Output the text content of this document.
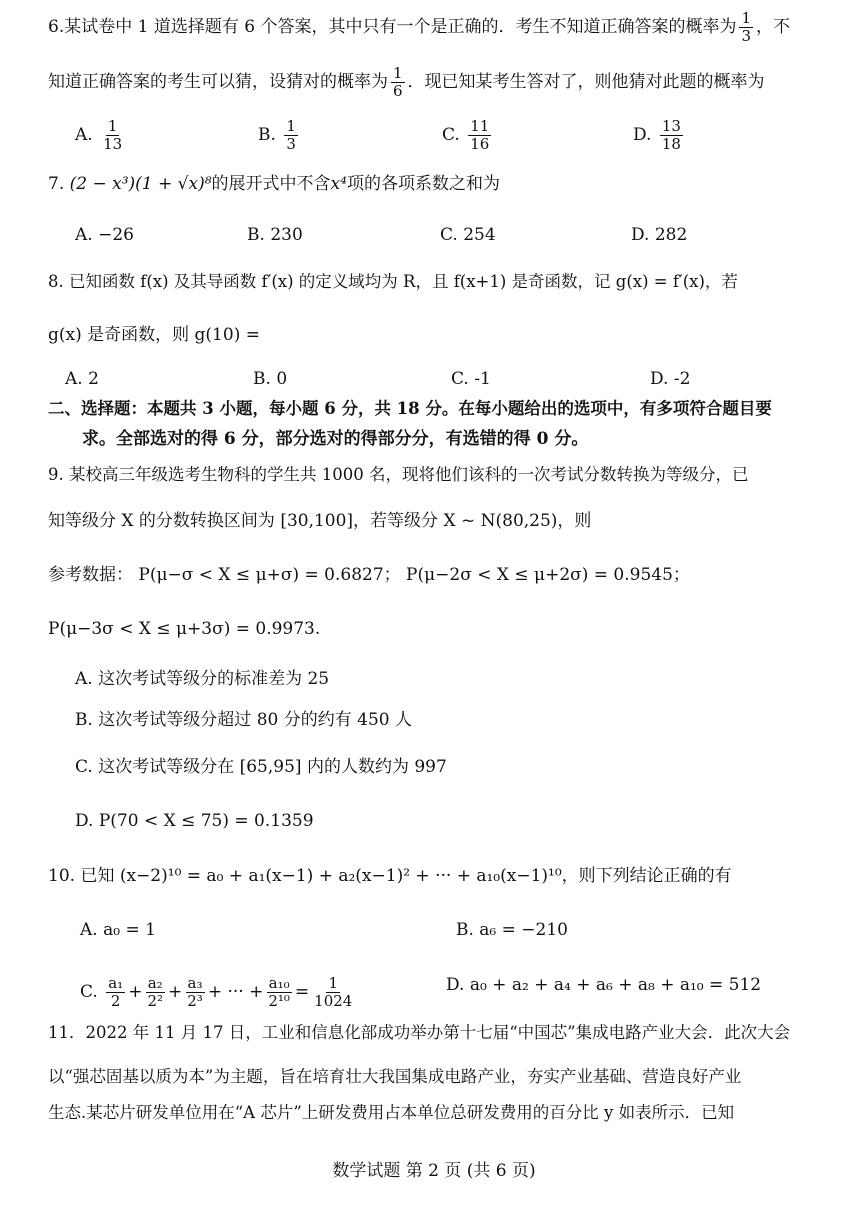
6.某试卷中 1 道选择题有 6 个答案，其中只有一个是正确的．考生不知道正确答案的概率为 $\frac{1}{3}$ ，不
知道正确答案的考生可以猜，设猜对的概率为 $\frac{1}{6}$ ．现已知某考生答对了，则他猜对此题的概率为
A. $\frac{1}{13}$	B. $\frac{1}{3}$	C. $\frac{11}{16}$	D. $\frac{13}{18}$
7. (2 − x³)(1 + √x)⁸的展开式中不含x⁴项的各项系数之和为
A. −26	B. 230	C. 254	D. 282
8. 已知函数 f(x) 及其导函数 f′(x) 的定义域均为 R，且 f(x+1) 是奇函数，记 g(x) = f′(x)，若
g(x) 是奇函数，则 g(10) =
A. 2	B. 0	C. -1	D. -2
二、选择题：本题共 3 小题，每小题 6 分，共 18 分。在每小题给出的选项中，有多项符合题目要
求。全部选对的得 6 分，部分选对的得部分分，有选错的得 0 分。
9. 某校高三年级选考生物科的学生共 1000 名，现将他们该科的一次考试分数转换为等级分，已
知等级分 X 的分数转换区间为 [30,100]，若等级分 X ~ N(80,25)，则
参考数据： P(μ−σ < X ≤ μ+σ) = 0.6827； P(μ−2σ < X ≤ μ+2σ) = 0.9545；
P(μ−3σ < X ≤ μ+3σ) = 0.9973.
A. 这次考试等级分的标准差为 25
B. 这次考试等级分超过 80 分的约有 450 人
C. 这次考试等级分在 [65,95] 内的人数约为 997
D. P(70 < X ≤ 75) = 0.1359
10. 已知 (x−2)¹⁰ = a₀ + a₁(x−1) + a₂(x−1)² + ··· + a₁₀(x−1)¹⁰，则下列结论正确的有
A. a₀ = 1	B. a₆ = −210
C. $\frac{\text{a₁}}{2} + \frac{\text{a₂}}{\text{2²}} + \frac{\text{a₃}}{\text{2³}}$ + ··· + $\frac{\text{a₁₀}}{\text{2¹⁰}} = \frac{1}{1024}$	D. a₀ + a₂ + a₄ + a₆ + a₈ + a₁₀ = 512
11．2022 年 11 月 17 日，工业和信息化部成功举办第十七届“中国芯”集成电路产业大会．此次大会
以“强芯固基以质为本”为主题，旨在培育壮大我国集成电路产业，夯实产业基础、营造良好产业
生态.某芯片研发单位用在“A 芯片”上研发费用占本单位总研发费用的百分比 y 如表所示．已知
数学试题 第 2 页 (共 6 页)
